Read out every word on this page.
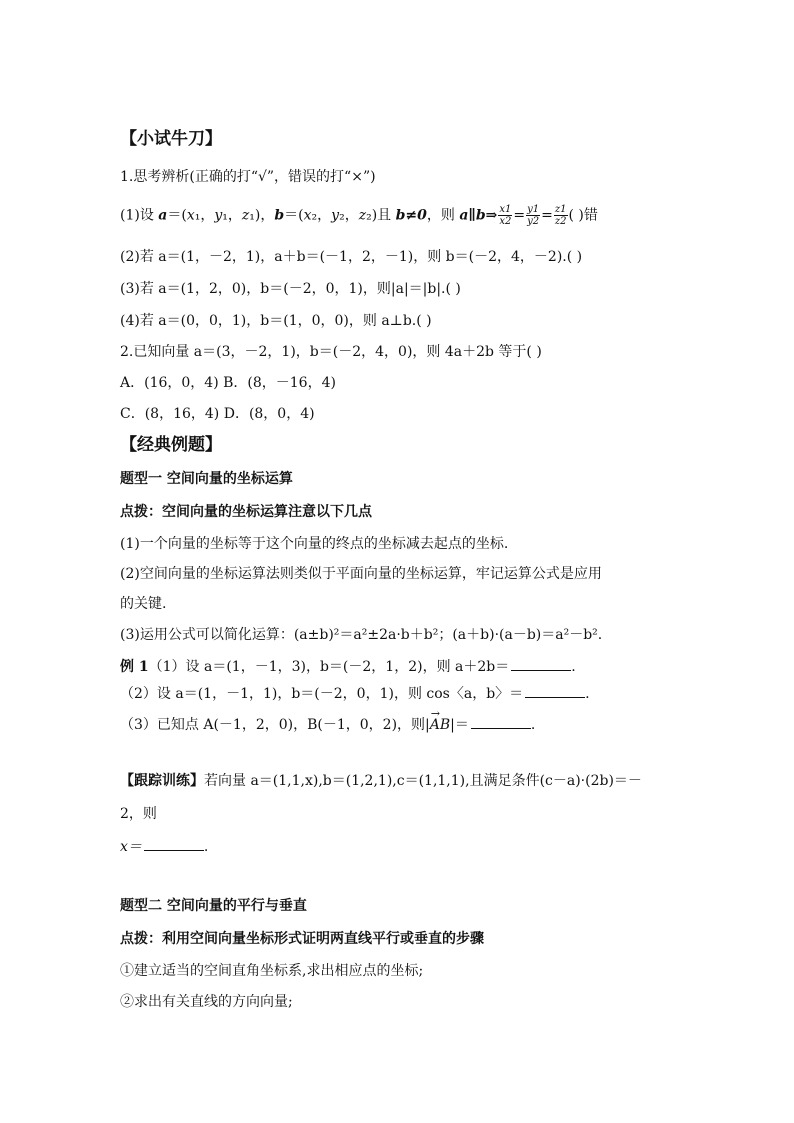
【小试牛刀】
1.思考辨析(正确的打“√”，错误的打“×”)
(1)设 a＝(x₁，y₁，z₁)，b＝(x₂，y₂，z₂)且 b≠0，则 a∥b⇒ $\frac{x1}{x2} = \frac{y1}{y2} = \frac{z1}{z2}$ ( )错
(2)若 a＝(1，－2，1)，a＋b＝(－1，2，－1)，则 b＝(－2，4，－2).( )
(3)若 a＝(1，2，0)，b＝(－2，0，1)，则|a|＝|b|.( )
(4)若 a＝(0，0，1)，b＝(1，0，0)，则 a⊥b.( )
2.已知向量 a＝(3，－2，1)，b＝(－2，4，0)，则 4a＋2b 等于( )
A．(16，0，4) B．(8，－16，4)
C．(8，16，4) D．(8，0，4)
【经典例题】
题型一 空间向量的坐标运算
点拨：空间向量的坐标运算注意以下几点
(1)一个向量的坐标等于这个向量的终点的坐标减去起点的坐标.
(2)空间向量的坐标运算法则类似于平面向量的坐标运算，牢记运算公式是应用
的关键.
(3)运用公式可以简化运算：(a±b)²＝a²±2a·b＋b²；(a＋b)·(a－b)＝a²－b².
例 1（1）设 a＝(1，－1，3)，b＝(－2，1，2)，则 a＋2b＝	.
（2）设 a＝(1，－1，1)，b＝(－2，0，1)，则 cos〈a，b〉＝	.
（3）已知点 A(－1，2，0)，B(－1，0，2)，则|→ AB|＝	.
【跟踪训练】若向量 a＝(1,1,x),b＝(1,2,1),c＝(1,1,1),且满足条件(c－a)·(2b)＝－
2，则
x＝	.
题型二 空间向量的平行与垂直
点拨：利用空间向量坐标形式证明两直线平行或垂直的步骤
①建立适当的空间直角坐标系,求出相应点的坐标;
②求出有关直线的方向向量;
